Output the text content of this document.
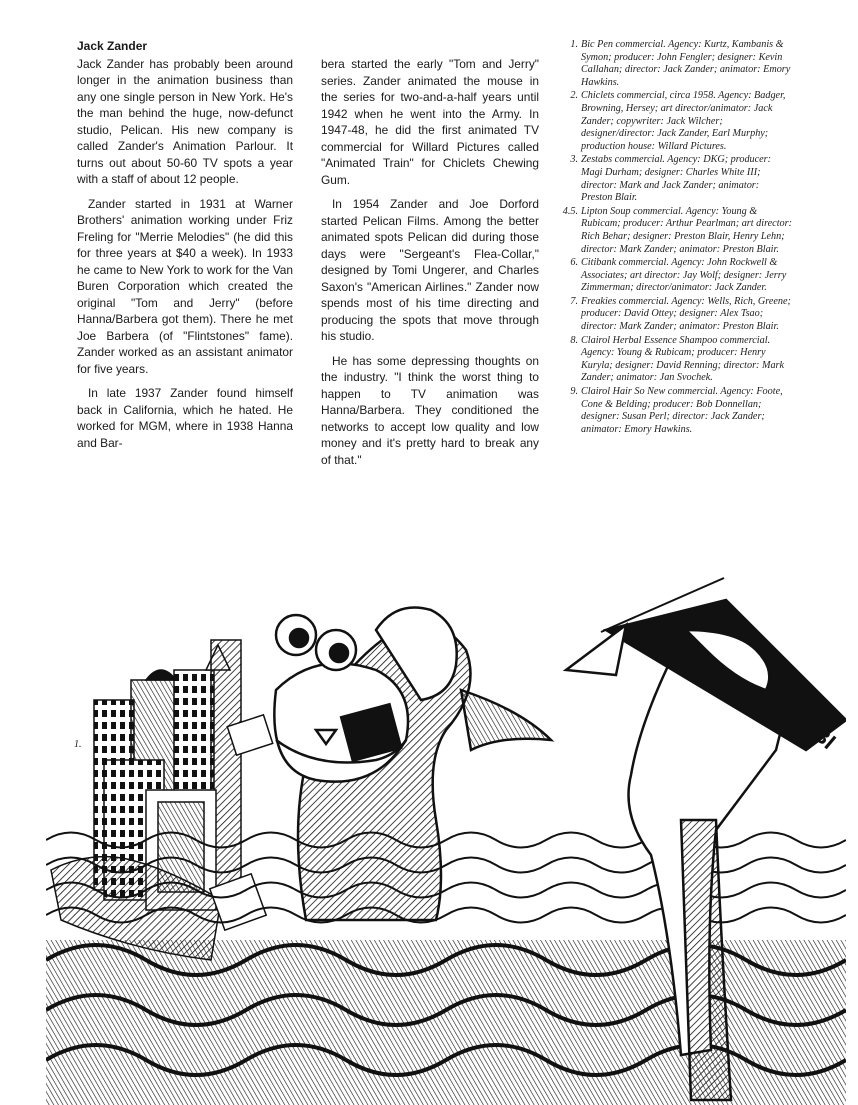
Jack Zander

Jack Zander has probably been around longer in the animation business than any one single person in New York. He's the man behind the huge, now-defunct studio, Pelican. His new company is called Zander's Animation Parlour. It turns out about 50-60 TV spots a year with a staff of about 12 people.

Zander started in 1931 at Warner Brothers' animation working under Friz Freling for "Merrie Melodies" (he did this for three years at $40 a week). In 1933 he came to New York to work for the Van Buren Corporation which created the original "Tom and Jerry" (before Hanna/Barbera got them). There he met Joe Barbera (of "Flintstones" fame). Zander worked as an assistant animator for five years.

In late 1937 Zander found himself back in California, which he hated. He worked for MGM, where in 1938 Hanna and Bar-

bera started the early "Tom and Jerry" series. Zander animated the mouse in the series for two-and-a-half years until 1942 when he went into the Army. In 1947-48, he did the first animated TV commercial for Willard Pictures called "Animated Train" for Chiclets Chewing Gum.

In 1954 Zander and Joe Dorford started Pelican Films. Among the better animated spots Pelican did during those days were "Sergeant's Flea-Collar," designed by Tomi Ungerer, and Charles Saxon's "American Airlines." Zander now spends most of his time directing and producing the spots that move through his studio.

He has some depressing thoughts on the industry. "I think the worst thing to happen to TV animation was Hanna/Barbera. They conditioned the networks to accept low quality and low money and it's pretty hard to break any of that."

1. Bic Pen commercial. Agency: Kurtz, Kambanis & Symon; producer: John Fengler; designer: Kevin Callahan; director: Jack Zander; animator: Emory Hawkins.
2. Chiclets commercial, circa 1958. Agency: Badger, Browning, Hersey; art director/animator: Jack Zander; copywriter: Jack Wilcher; designer/director: Jack Zander, Earl Murphy; production house: Willard Pictures.
3. Zestabs commercial. Agency: DKG; producer: Magi Durham; designer: Charles White III; director: Mark and Jack Zander; animator: Preston Blair.
4.5. Lipton Soup commercial. Agency: Young & Rubicam; producer: Arthur Pearlman; art director: Rich Behar; designer: Preston Blair, Henry Lehn; director: Mark Zander; animator: Preston Blair.
6. Citibank commercial. Agency: John Rockwell & Associates; art director: Jay Wolf; designer: Jerry Zimmerman; director/animator: Jack Zander.
7. Freakies commercial. Agency: Wells, Rich, Greene; producer: David Ottey; designer: Alex Tsao; director: Mark Zander; animator: Preston Blair.
8. Clairol Herbal Essence Shampoo commercial. Agency: Young & Rubicam; producer: Henry Kuryla; designer: David Renning; director: Mark Zander; animator: Jan Svochek.
9. Clairol Hair So New commercial. Agency: Foote, Cone & Belding; producer: Bob Donnellan; designer: Susan Perl; director: Jack Zander; animator: Emory Hawkins.
1.	BI
